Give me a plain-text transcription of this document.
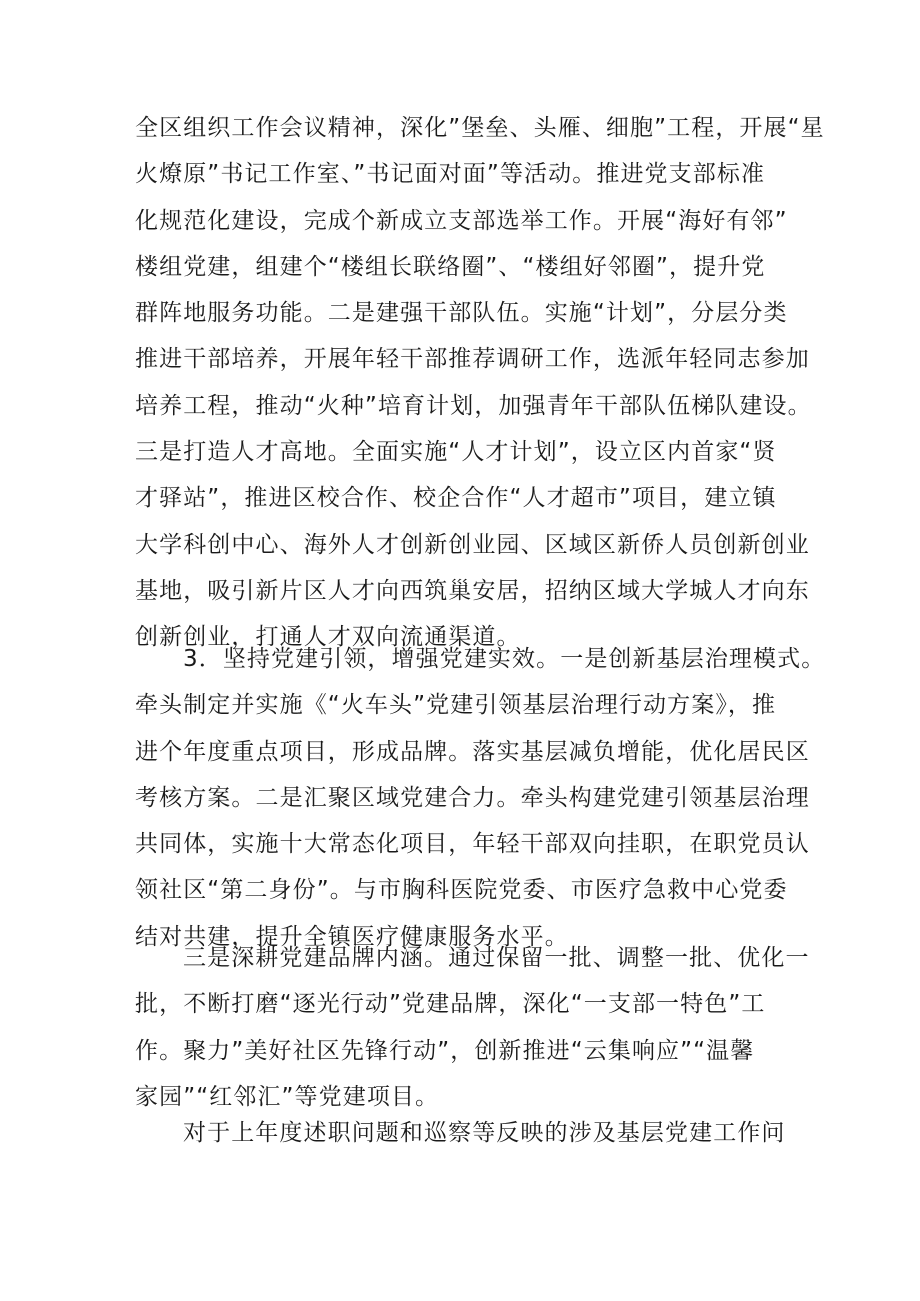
全区组织工作会议精神，深化”堡垒、头雁、细胞”工程，开展“星
火燎原”书记工作室、”书记面对面”等活动。推进党支部标准
化规范化建设，完成个新成立支部选举工作。开展“海好有邻”
楼组党建，组建个“楼组长联络圈”、“楼组好邻圈”，提升党
群阵地服务功能。二是建强干部队伍。实施“计划”，分层分类
推进干部培养，开展年轻干部推荐调研工作，选派年轻同志参加
培养工程，推动“火种”培育计划，加强青年干部队伍梯队建设。
三是打造人才高地。全面实施“人才计划”，设立区内首家“贤
才驿站”，推进区校合作、校企合作“人才超市”项目，建立镇
大学科创中心、海外人才创新创业园、区域区新侨人员创新创业
基地，吸引新片区人才向西筑巢安居，招纳区域大学城人才向东
创新创业，打通人才双向流通渠道。
3．坚持党建引领，增强党建实效。一是创新基层治理模式。
牵头制定并实施《“火车头”党建引领基层治理行动方案》，推
进个年度重点项目，形成品牌。落实基层减负增能，优化居民区
考核方案。二是汇聚区域党建合力。牵头构建党建引领基层治理
共同体，实施十大常态化项目，年轻干部双向挂职，在职党员认
领社区“第二身份”。与市胸科医院党委、市医疗急救中心党委
结对共建，提升全镇医疗健康服务水平。
三是深耕党建品牌内涵。通过保留一批、调整一批、优化一
批，不断打磨“逐光行动”党建品牌，深化“一支部一特色”工
作。聚力”美好社区先锋行动”，创新推进“云集响应”“温馨
家园”“红邻汇”等党建项目。
对于上年度述职问题和巡察等反映的涉及基层党建工作问
